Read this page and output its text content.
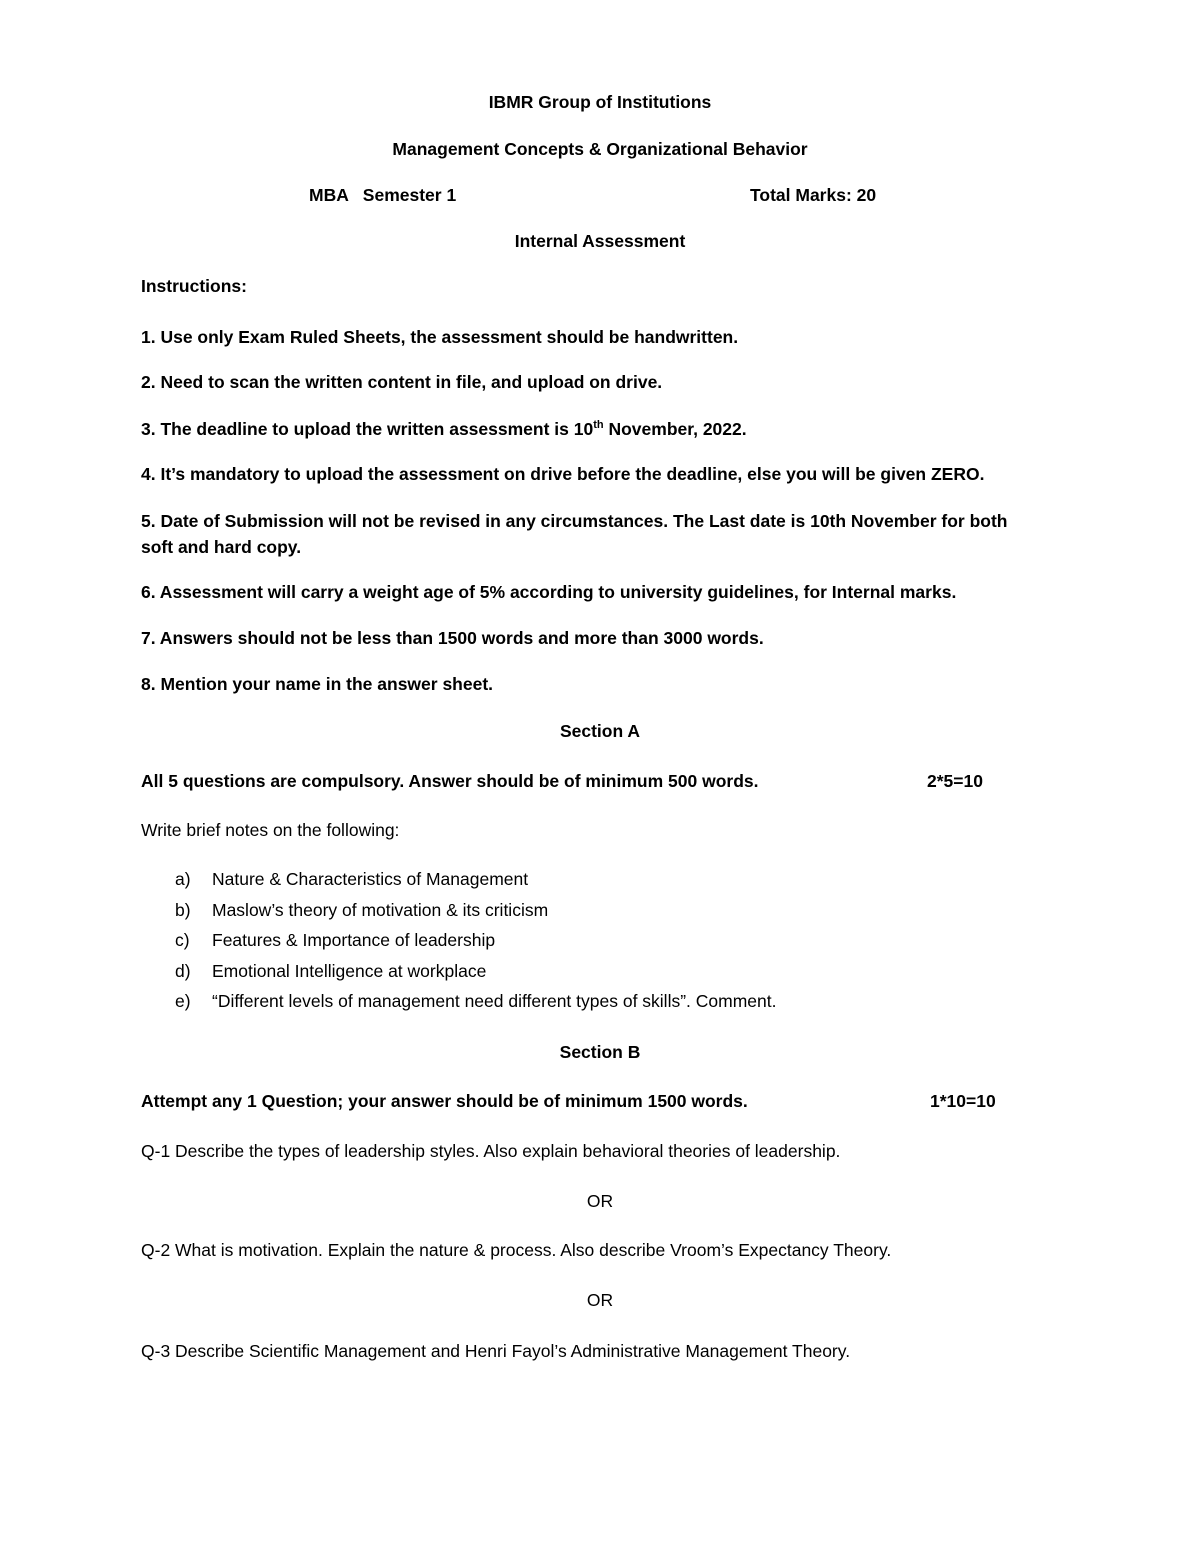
IBMR Group of Institutions
Management Concepts & Organizational Behavior
MBA   Semester 1	Total Marks: 20
Internal Assessment
Instructions:
1. Use only Exam Ruled Sheets, the assessment should be handwritten.
2. Need to scan the written content in file, and upload on drive.
3. The deadline to upload the written assessment is 10th November, 2022.
4. It’s mandatory to upload the assessment on drive before the deadline, else you will be given ZERO.
5. Date of Submission will not be revised in any circumstances. The Last date is 10th November for both soft and hard copy.
6. Assessment will carry a weight age of 5% according to university guidelines, for Internal marks.
7. Answers should not be less than 1500 words and more than 3000 words.
8. Mention your name in the answer sheet.
Section A
All 5 questions are compulsory. Answer should be of minimum 500 words.	2*5=10
Write brief notes on the following:
a) Nature & Characteristics of Management
b) Maslow’s theory of motivation & its criticism
c) Features & Importance of leadership
d) Emotional Intelligence at workplace
e) “Different levels of management need different types of skills”. Comment.
Section B
Attempt any 1 Question; your answer should be of minimum 1500 words.	1*10=10
Q-1 Describe the types of leadership styles. Also explain behavioral theories of leadership.
OR
Q-2 What is motivation. Explain the nature & process. Also describe Vroom’s Expectancy Theory.
OR
Q-3 Describe Scientific Management and Henri Fayol’s Administrative Management Theory.
